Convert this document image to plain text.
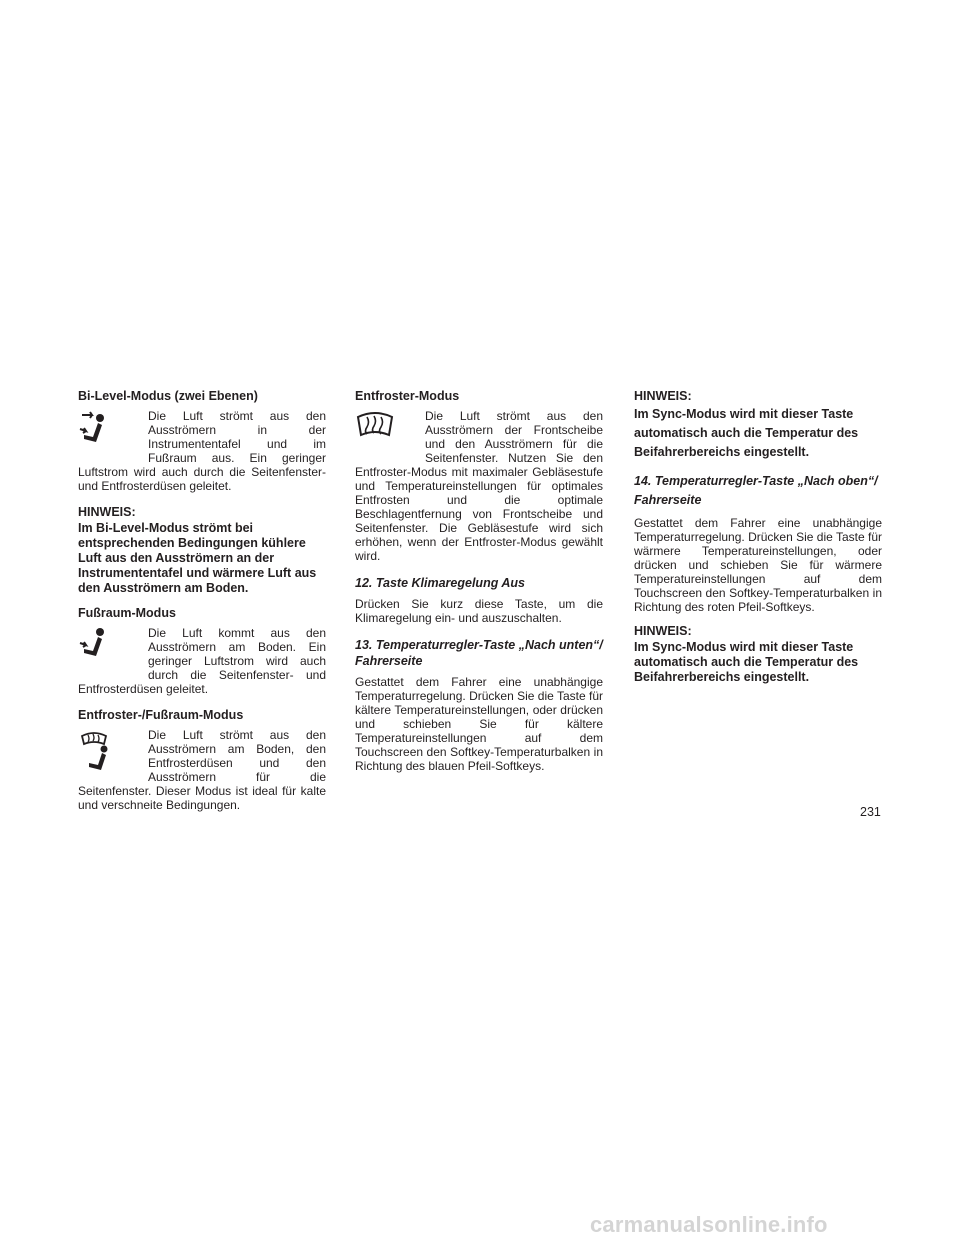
Bi-Level-Modus (zwei Ebenen)
Die Luft strömt aus den Ausströmern in der Instrumententafel und im Fußraum aus. Ein geringer Luftstrom wird auch durch die Seitenfenster- und Entfrosterdüsen geleitet.
HINWEIS:
Im Bi-Level-Modus strömt bei entsprechenden Bedingungen kühlere Luft aus den Ausströmern an der Instrumententafel und wärmere Luft aus den Ausströmern am Boden.
Fußraum-Modus
Die Luft kommt aus den Ausströmern am Boden. Ein geringer Luftstrom wird auch durch die Seitenfenster- und Entfrosterdüsen geleitet.
Entfroster-/Fußraum-Modus
Die Luft strömt aus den Ausströmern am Boden, den Entfrosterdüsen und den Ausströmern für die Seitenfenster. Dieser Modus ist ideal für kalte und verschneite Bedingungen.
Entfroster-Modus
Die Luft strömt aus den Ausströmern der Frontscheibe und den Ausströmern für die Seitenfenster. Nutzen Sie den Entfroster-Modus mit maximaler Gebläsestufe und Temperatureinstellungen für optimales Entfrosten und die optimale Beschlagentfernung von Frontscheibe und Seitenfenster. Die Gebläsestufe wird sich erhöhen, wenn der Entfroster-Modus gewählt wird.
12. Taste Klimaregelung Aus

Drücken Sie kurz diese Taste, um die Klimaregelung ein- und auszuschalten.

13. Temperaturregler-Taste „Nach unten“/ Fahrerseite

Gestattet dem Fahrer eine unabhängige Temperaturregelung. Drücken Sie die Taste für kältere Temperatureinstellungen, oder drücken und schieben Sie für kältere Temperatureinstellungen auf dem Touchscreen den Softkey-Temperaturbalken in Richtung des blauen Pfeil-Softkeys.

HINWEIS:
Im Sync-Modus wird mit dieser Taste automatisch auch die Temperatur des Beifahrerbereichs eingestellt.
14. Temperaturregler-Taste „Nach oben“/ Fahrerseite

Gestattet dem Fahrer eine unabhängige Temperaturregelung. Drücken Sie die Taste für wärmere Temperatureinstellungen, oder drücken und schieben Sie für wärmere Temperatureinstellungen auf dem Touchscreen den Softkey-Temperaturbalken in Richtung des roten Pfeil-Softkeys.

HINWEIS:
Im Sync-Modus wird mit dieser Taste automatisch auch die Temperatur des Beifahrerbereichs eingestellt.
231
carmanualsonline.info
